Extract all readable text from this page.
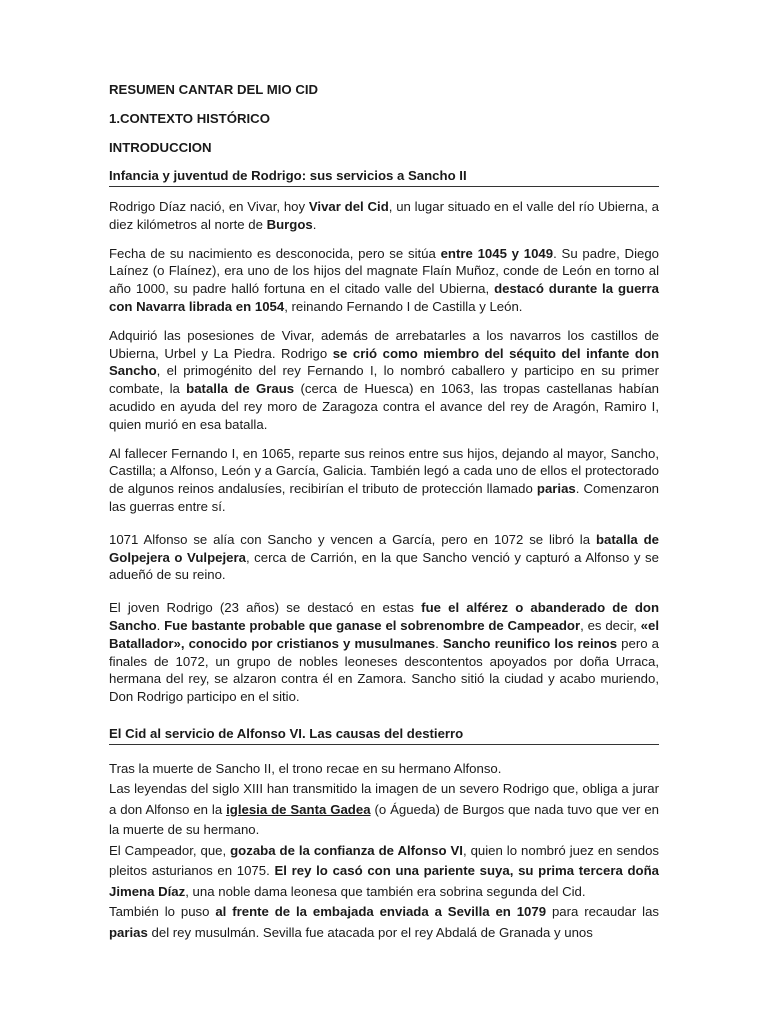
RESUMEN CANTAR DEL MIO CID
1.CONTEXTO HISTÓRICO
INTRODUCCION
Infancia y juventud de Rodrigo: sus servicios a Sancho II

Rodrigo Díaz nació, en Vivar, hoy Vivar del Cid, un lugar situado en el valle del río Ubierna, a diez kilómetros al norte de Burgos.

Fecha de su nacimiento es desconocida, pero se sitúa entre 1045 y 1049. Su padre, Diego Laínez (o Flaínez), era uno de los hijos del magnate Flaín Muñoz, conde de León en torno al año 1000, su padre halló fortuna en el citado valle del Ubierna, destacó durante la guerra con Navarra librada en 1054, reinando Fernando I de Castilla y León.

Adquirió las posesiones de Vivar, además de arrebatarles a los navarros los castillos de Ubierna, Urbel y La Piedra. Rodrigo se crió como miembro del séquito del infante don Sancho, el primogénito del rey Fernando I, lo nombró caballero y participo en su primer combate, la batalla de Graus (cerca de Huesca) en 1063, las tropas castellanas habían acudido en ayuda del rey moro de Zaragoza contra el avance del rey de Aragón, Ramiro I, quien murió en esa batalla.

Al fallecer Fernando I, en 1065, reparte sus reinos entre sus hijos, dejando al mayor, Sancho, Castilla; a Alfonso, León y a García, Galicia. También legó a cada uno de ellos el protectorado de algunos reinos andalusíes, recibirían el tributo de protección llamado parias. Comenzaron las guerras entre sí.

1071 Alfonso se alía con Sancho y vencen a García, pero en 1072 se libró la batalla de Golpejera o Vulpejera, cerca de Carrión, en la que Sancho venció y capturó a Alfonso y se adueñó de su reino.

El joven Rodrigo (23 años) se destacó en estas fue el alférez o abanderado de don Sancho. Fue bastante probable que ganase el sobrenombre de Campeador, es decir, «el Batallador», conocido por cristianos y musulmanes. Sancho reunifico los reinos pero a finales de 1072, un grupo de nobles leoneses descontentos apoyados por doña Urraca, hermana del rey, se alzaron contra él en Zamora. Sancho sitió la ciudad y acabo muriendo, Don Rodrigo participo en el sitio.

El Cid al servicio de Alfonso VI. Las causas del destierro

Tras la muerte de Sancho II, el trono recae en su hermano Alfonso.

Las leyendas del siglo XIII han transmitido la imagen de un severo Rodrigo que, obliga a jurar a don Alfonso en la iglesia de Santa Gadea (o Águeda) de Burgos que nada tuvo que ver en la muerte de su hermano.

El Campeador, que, gozaba de la confianza de Alfonso VI, quien lo nombró juez en sendos pleitos asturianos en 1075. El rey lo casó con una pariente suya, su prima tercera doña Jimena Díaz, una noble dama leonesa que también era sobrina segunda del Cid.

También lo puso al frente de la embajada enviada a Sevilla en 1079 para recaudar las parias del rey musulmán. Sevilla fue atacada por el rey Abdalá de Granada y unos
